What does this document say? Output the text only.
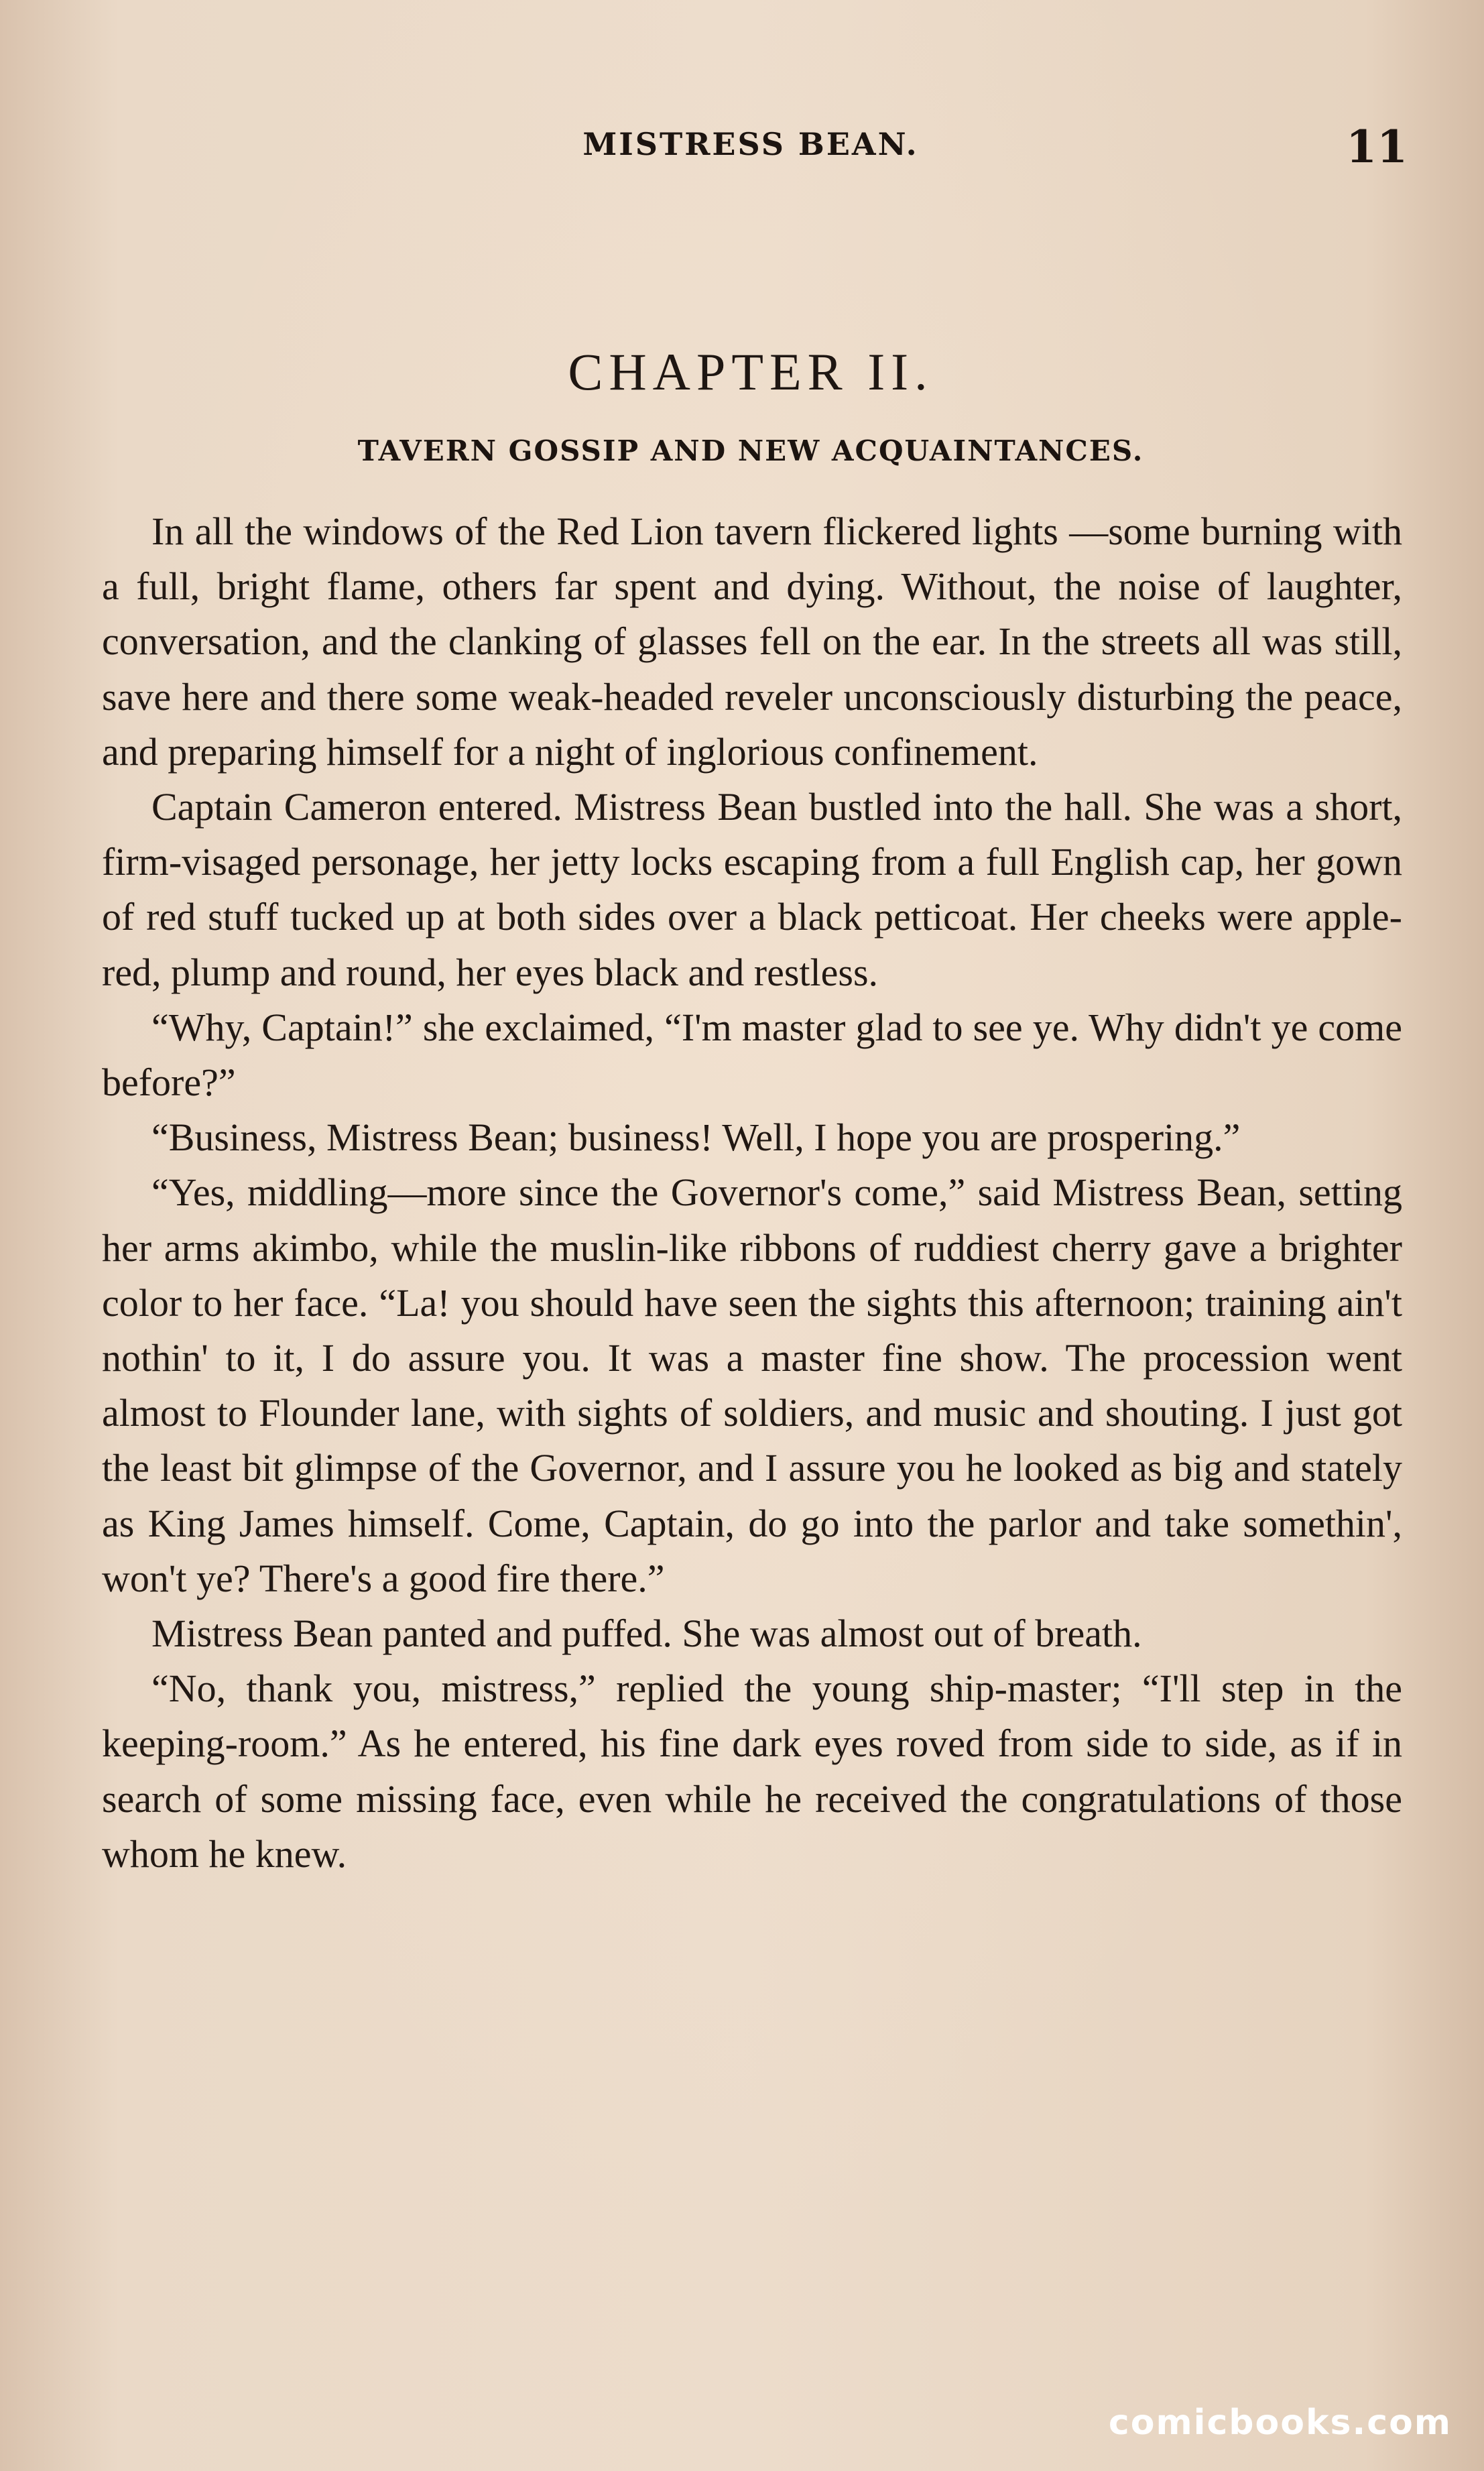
MISTRESS BEAN.	11
CHAPTER II.
TAVERN GOSSIP AND NEW ACQUAINTANCES.

In all the windows of the Red Lion tavern flickered lights —some burning with a full, bright flame, others far spent and dying. Without, the noise of laughter, conversation, and the clanking of glasses fell on the ear. In the streets all was still, save here and there some weak-headed reveler unconsciously disturbing the peace, and preparing himself for a night of inglorious confinement.

Captain Cameron entered. Mistress Bean bustled into the hall. She was a short, firm-visaged personage, her jetty locks escaping from a full English cap, her gown of red stuff tucked up at both sides over a black petticoat. Her cheeks were apple-red, plump and round, her eyes black and restless.

“Why, Captain!” she exclaimed, “I'm master glad to see ye. Why didn't ye come before?”

“Business, Mistress Bean; business! Well, I hope you are prospering.”

“Yes, middling—more since the Governor's come,” said Mistress Bean, setting her arms akimbo, while the muslin-like ribbons of ruddiest cherry gave a brighter color to her face. “La! you should have seen the sights this afternoon; training ain't nothin' to it, I do assure you. It was a master fine show. The procession went almost to Flounder lane, with sights of soldiers, and music and shouting. I just got the least bit glimpse of the Governor, and I assure you he looked as big and stately as King James himself. Come, Captain, do go into the parlor and take somethin', won't ye? There's a good fire there.”

Mistress Bean panted and puffed. She was almost out of breath.

“No, thank you, mistress,” replied the young ship-master; “I'll step in the keeping-room.” As he entered, his fine dark eyes roved from side to side, as if in search of some missing face, even while he received the congratulations of those whom he knew.

comicbooks.com
